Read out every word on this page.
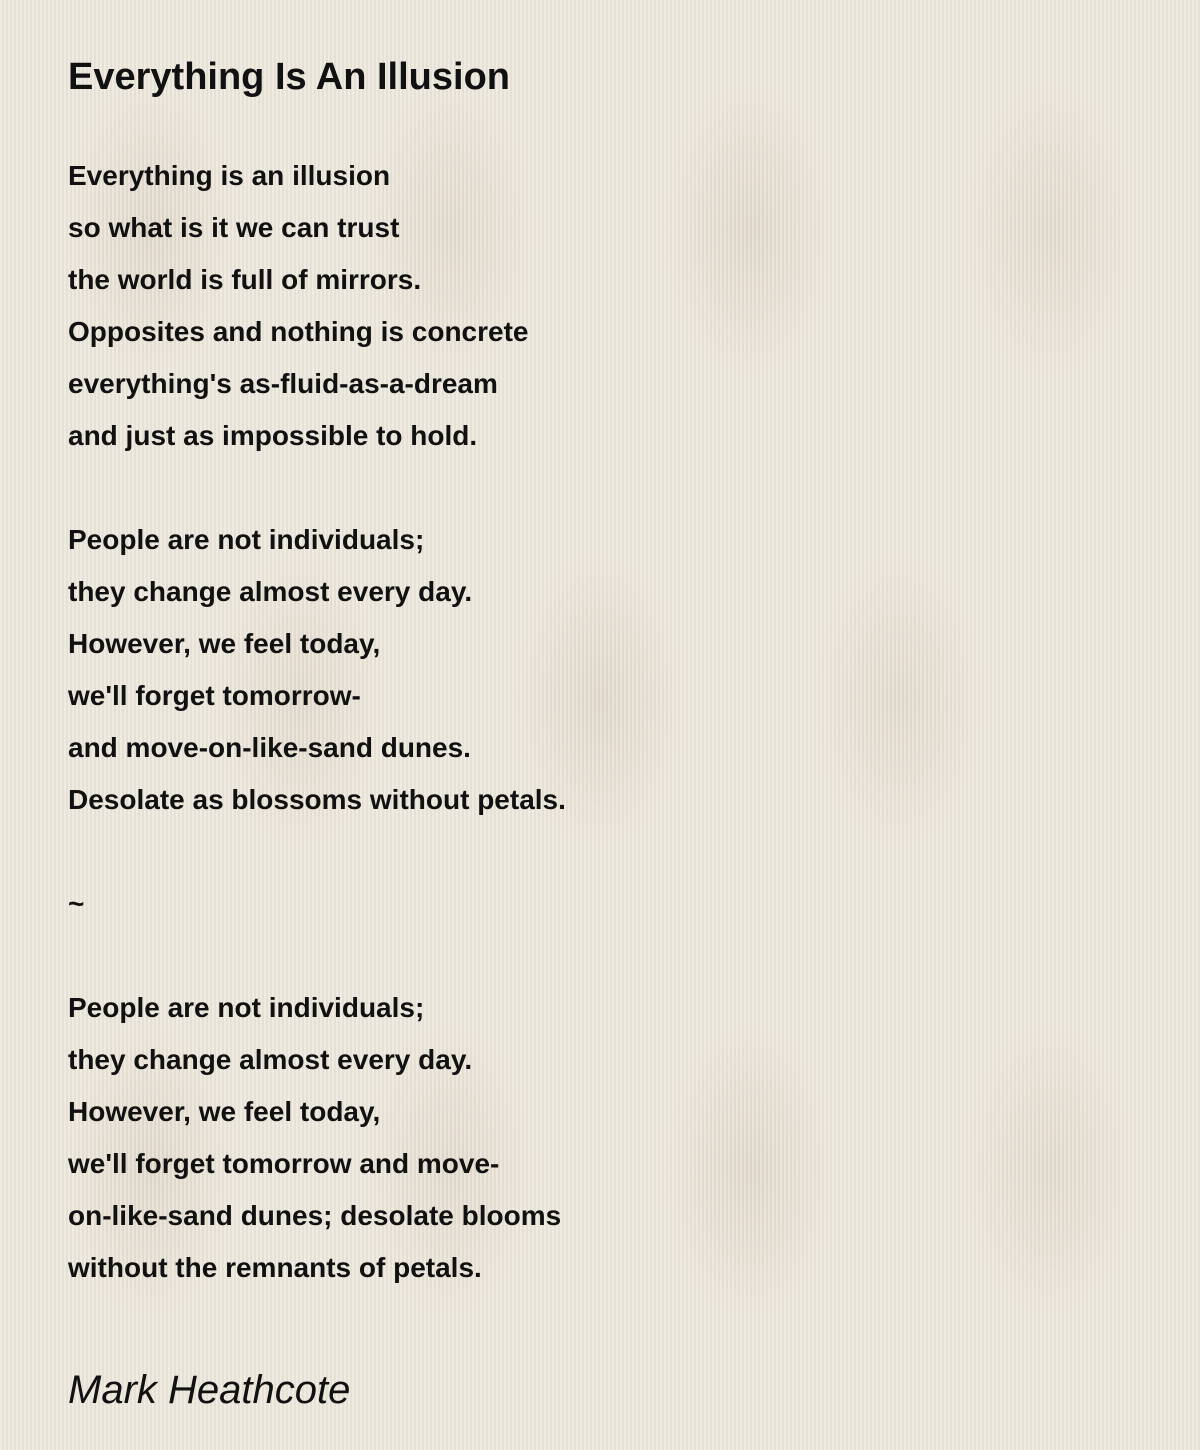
Everything Is An Illusion
Everything is an illusion
so what is it we can trust
the world is full of mirrors.
Opposites and nothing is concrete
everything's as-fluid-as-a-dream
and just as impossible to hold.
People are not individuals;
they change almost every day.
However, we feel today,
we'll forget tomorrow-
and move-on-like-sand dunes.
Desolate as blossoms without petals.
~
People are not individuals;
they change almost every day.
However, we feel today,
we'll forget tomorrow and move-
on-like-sand dunes; desolate blooms
without the remnants of petals.
Mark Heathcote
